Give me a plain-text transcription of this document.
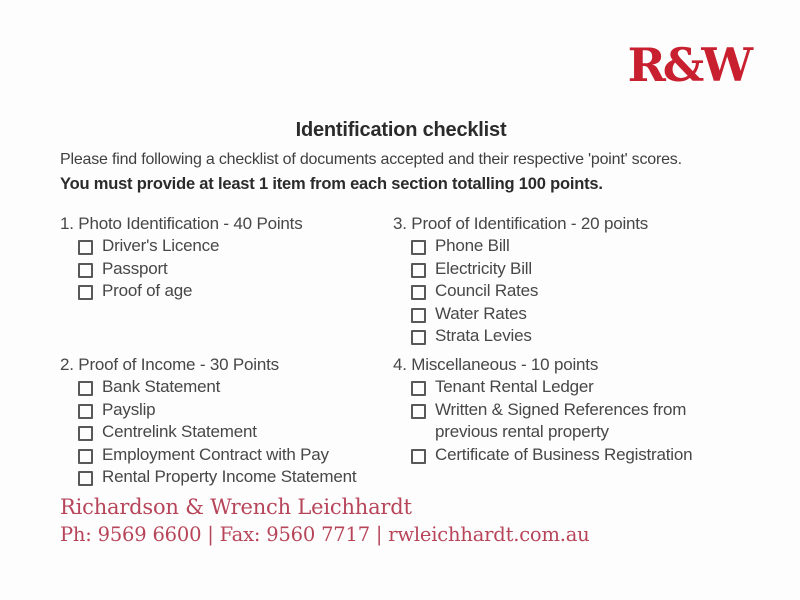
R&W
Identification checklist
Please find following a checklist of documents accepted and their respective 'point' scores.
You must provide at least 1 item from each section totalling 100 points.
1. Photo Identification - 40 Points
Driver's Licence
Passport
Proof of age
3. Proof of Identification - 20 points
Phone Bill
Electricity Bill
Council Rates
Water Rates
Strata Levies
2. Proof of Income - 30 Points
Bank Statement
Payslip
Centrelink Statement
Employment Contract with Pay
Rental Property Income Statement
4. Miscellaneous - 10 points
Tenant Rental Ledger
Written & Signed References from previous rental property
Certificate of Business Registration
Richardson & Wrench Leichhardt
Ph: 9569 6600 | Fax: 9560 7717 | rwleichhardt.com.au
